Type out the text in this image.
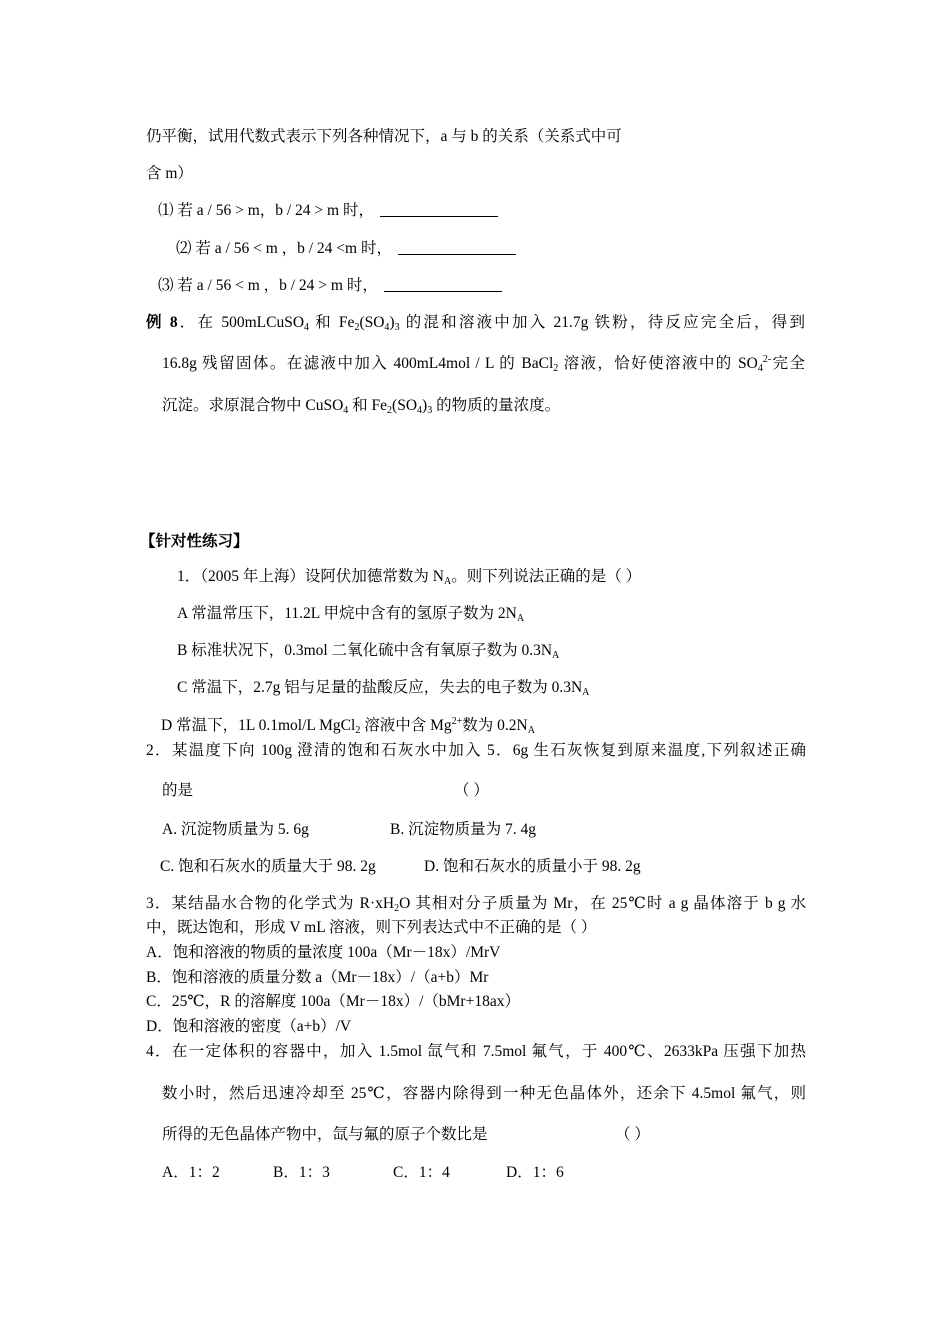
仍平衡，试用代数式表示下列各种情况下，a 与 b 的关系（关系式中可
含 m）
⑴ 若 a / 56 > m，b / 24 > m 时，
⑵ 若 a / 56 < m ，b / 24 <m 时，
⑶ 若 a / 56 < m ，b / 24 > m 时，
例 8．在 500mLCuSO$_4$ 和 $Fe_2(SO_4)_3$ 的混和溶液中加入 21.7g 铁粉，待反应完全后，得到
16.8g 残留固体。在滤液中加入 400mL4mol / L 的 BaCl$_2$ 溶液，恰好使溶液中的 $SO_4^{2-}$完全
沉淀。求原混合物中 CuSO$_4$ 和 $Fe_2(SO_4)_3$ 的物质的量浓度。
【针对性练习】
1．（2005 年上海）设阿伏加德常数为 $N_A$。则下列说法正确的是（ ）
A 常温常压下，11.2L 甲烷中含有的氢原子数为 $2N_A$
B 标准状况下，0.3mol 二氧化硫中含有氧原子数为 $0.3N_A$
C 常温下，2.7g 铝与足量的盐酸反应，失去的电子数为 $0.3N_A$
D 常温下，1L 0.1mol/L MgCl$_2$ 溶液中含 $Mg^{2+}$数为 $0.2N_A$
2．某温度下向 100g 澄清的饱和石灰水中加入 5．6g 生石灰恢复到原来温度,下列叙述正确
的是	（ ）
A. 沉淀物质量为 5. 6g	B. 沉淀物质量为 7. 4g
C. 饱和石灰水的质量大于 98. 2g	D. 饱和石灰水的质量小于 98. 2g
3．某结晶水合物的化学式为 $R\cdot xH_2O$ 其相对分子质量为 Mr，在 25℃时 a g 晶体溶于 b g 水
中，既达饱和，形成 V mL 溶液，则下列表达式中不正确的是（ ）
A．饱和溶液的物质的量浓度 100a（Mr－18x）/MrV
B．饱和溶液的质量分数 a（Mr－18x）/（a+b）Mr
C．25℃，R 的溶解度 100a（Mr－18x）/（bMr+18ax）
D．饱和溶液的密度（a+b）/V
4．在一定体积的容器中，加入 1.5mol 氙气和 7.5mol 氟气，于 400℃、2633kPa 压强下加热
数小时，然后迅速冷却至 25℃，容器内除得到一种无色晶体外，还余下 4.5mol 氟气，则
所得的无色晶体产物中，氙与氟的原子个数比是	（ ）
A．1：2	B．1：3	C．1：4	D．1：6
